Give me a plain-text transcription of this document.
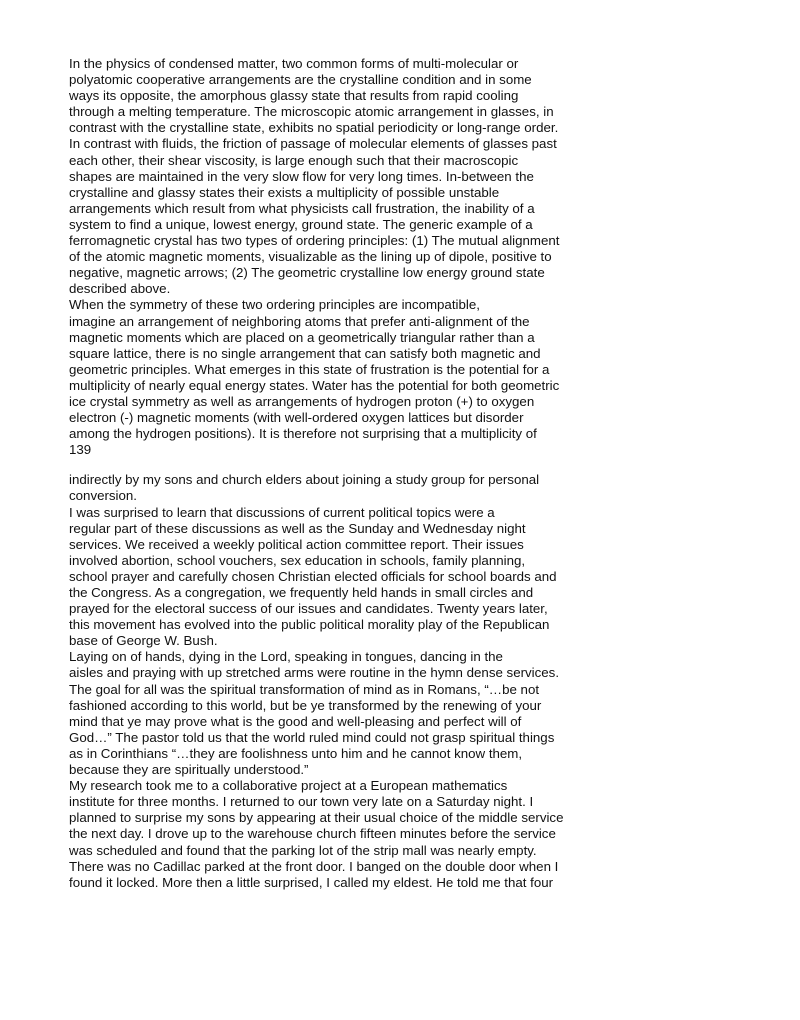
In the physics of condensed matter, two common forms of multi-molecular or
polyatomic cooperative arrangements are the crystalline condition and in some
ways its opposite, the amorphous glassy state that results from rapid cooling
through a melting temperature. The microscopic atomic arrangement in glasses, in
contrast with the crystalline state, exhibits no spatial periodicity or long-range order.
In contrast with fluids, the friction of passage of molecular elements of glasses past
each other, their shear viscosity, is large enough such that their macroscopic
shapes are maintained in the very slow flow for very long times. In-between the
crystalline and glassy states their exists a multiplicity of possible unstable
arrangements which result from what physicists call frustration, the inability of a
system to find a unique, lowest energy, ground state. The generic example of a
ferromagnetic crystal has two types of ordering principles: (1) The mutual alignment
of the atomic magnetic moments, visualizable as the lining up of dipole, positive to
negative, magnetic arrows; (2) The geometric crystalline low energy ground state
described above.
When the symmetry of these two ordering principles are incompatible,
imagine an arrangement of neighboring atoms that prefer anti-alignment of the
magnetic moments which are placed on a geometrically triangular rather than a
square lattice, there is no single arrangement that can satisfy both magnetic and
geometric principles. What emerges in this state of frustration is the potential for a
multiplicity of nearly equal energy states. Water has the potential for both geometric
ice crystal symmetry as well as arrangements of hydrogen proton (+) to oxygen
electron (-) magnetic moments (with well-ordered oxygen lattices but disorder
among the hydrogen positions). It is therefore not surprising that a multiplicity of
139
indirectly by my sons and church elders about joining a study group for personal
conversion.
I was surprised to learn that discussions of current political topics were a
regular part of these discussions as well as the Sunday and Wednesday night
services. We received a weekly political action committee report. Their issues
involved abortion, school vouchers, sex education in schools, family planning,
school prayer and carefully chosen Christian elected officials for school boards and
the Congress. As a congregation, we frequently held hands in small circles and
prayed for the electoral success of our issues and candidates. Twenty years later,
this movement has evolved into the public political morality play of the Republican
base of George W. Bush.
Laying on of hands, dying in the Lord, speaking in tongues, dancing in the
aisles and praying with up stretched arms were routine in the hymn dense services.
The goal for all was the spiritual transformation of mind as in Romans, “…be not
fashioned according to this world, but be ye transformed by the renewing of your
mind that ye may prove what is the good and well-pleasing and perfect will of
God…” The pastor told us that the world ruled mind could not grasp spiritual things
as in Corinthians “…they are foolishness unto him and he cannot know them,
because they are spiritually understood.”
My research took me to a collaborative project at a European mathematics
institute for three months. I returned to our town very late on a Saturday night. I
planned to surprise my sons by appearing at their usual choice of the middle service
the next day. I drove up to the warehouse church fifteen minutes before the service
was scheduled and found that the parking lot of the strip mall was nearly empty.
There was no Cadillac parked at the front door. I banged on the double door when I
found it locked. More then a little surprised, I called my eldest. He told me that four
